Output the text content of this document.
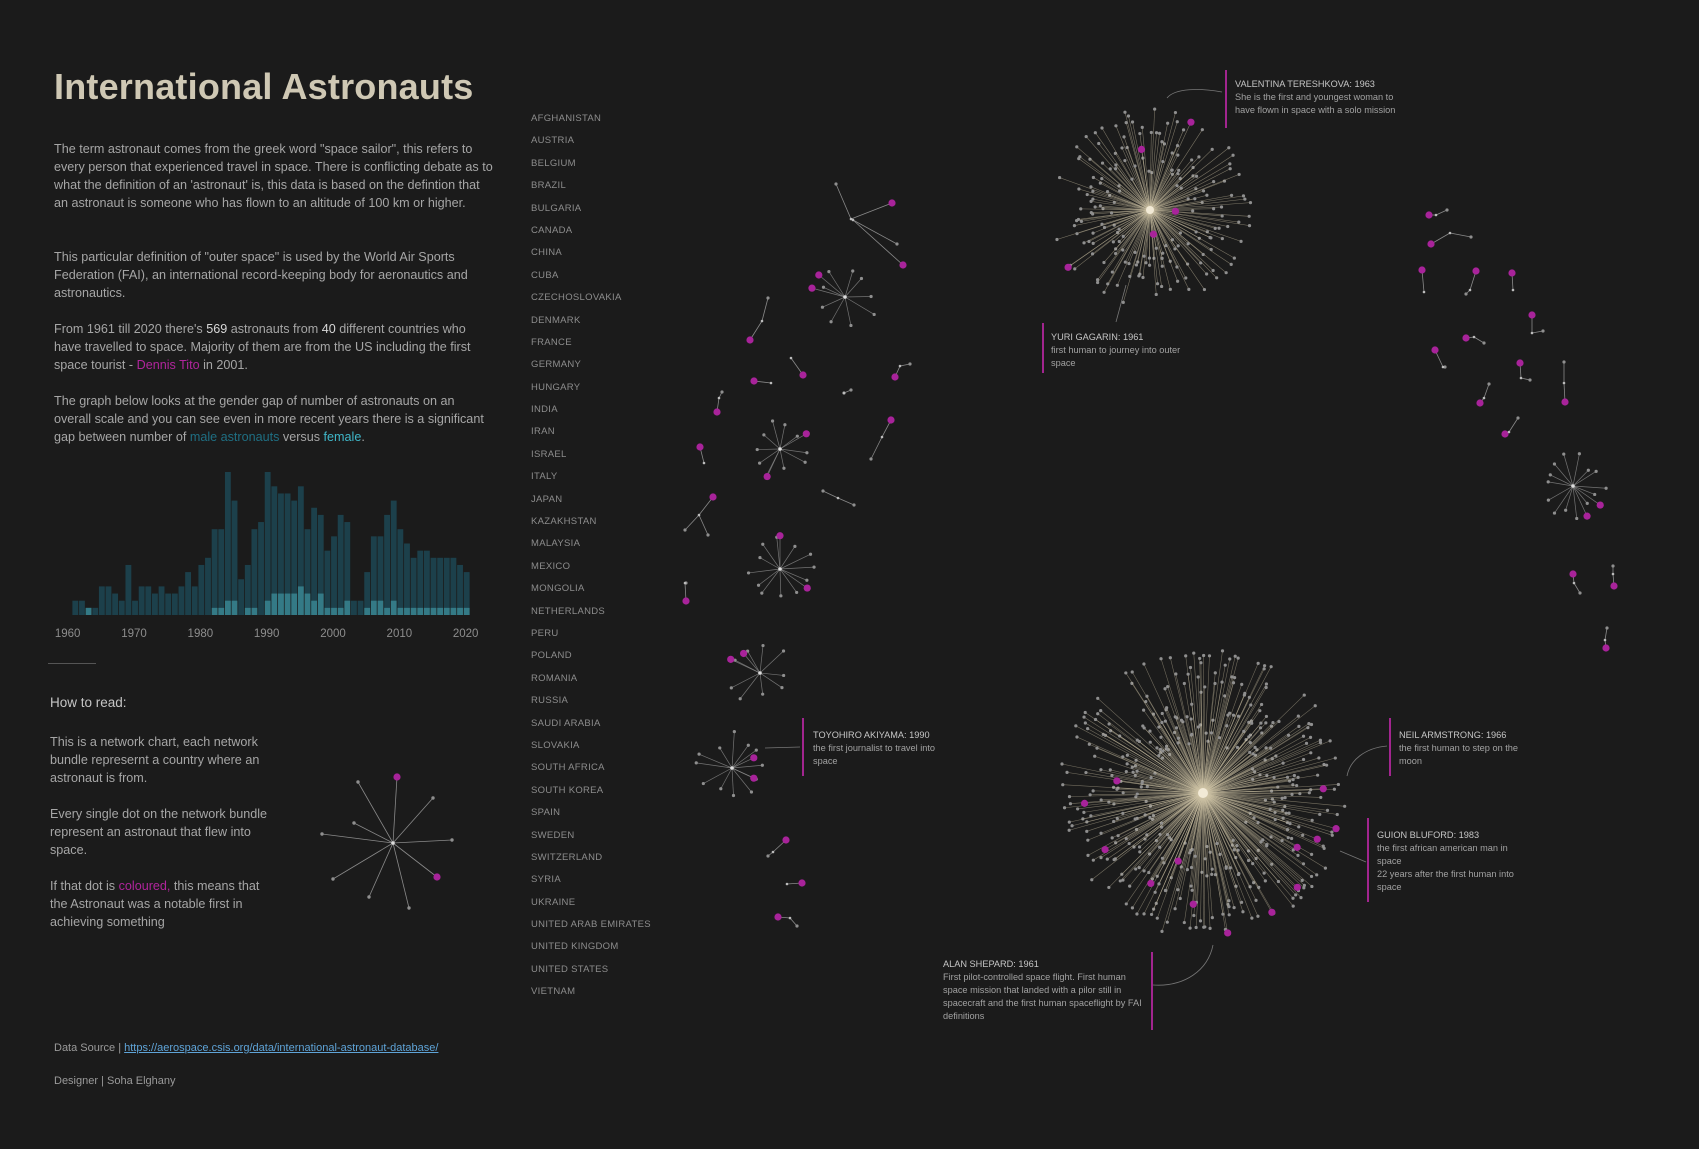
1960	1970	1980	1990	2000	2010	2020
International Astronauts

The term astronaut comes from the greek word "space sailor", this refers to every person that experienced travel in space. There is conflicting debate as to what the definition of an 'astronaut' is, this data is based on the defintion that an astronaut is someone who has flown to an altitude of 100 km or higher.

This particular definition of "outer space" is used by the World Air Sports Federation (FAI), an international record-keeping body for aeronautics and astronautics.

From 1961 till 2020 there's 569 astronauts from 40 different countries who have travelled to space. Majority of them are from the US including the first space tourist - Dennis Tito in 2001.

The graph below looks at the gender gap of number of astronauts on an overall scale and you can see even in more recent years there is a significant gap between number of male astronauts versus female.

How to read:

This is a network chart, each network bundle represernt a country where an astronaut is from.

Every single dot on the network bundle represent an astronaut that flew into space.

If that dot is coloured, this means that the Astronaut was a notable first in achieving something

Data Source | https://aerospace.csis.org/data/international-astronaut-database/
Designer | Soha Elghany
AFGHANISTAN
AUSTRIA
BELGIUM
BRAZIL
BULGARIA
CANADA
CHINA
CUBA
CZECHOSLOVAKIA
DENMARK
FRANCE
GERMANY
HUNGARY
INDIA
IRAN
ISRAEL
ITALY
JAPAN
KAZAKHSTAN
MALAYSIA
MEXICO
MONGOLIA
NETHERLANDS
PERU
POLAND
ROMANIA
RUSSIA
SAUDI ARABIA
SLOVAKIA
SOUTH AFRICA
SOUTH KOREA
SPAIN
SWEDEN
SWITZERLAND
SYRIA
UKRAINE
UNITED ARAB EMIRATES
UNITED KINGDOM
UNITED STATES
VIETNAM
VALENTINA TERESHKOVA: 1963
She is the first and youngest woman to have flown in space with a solo mission
YURI GAGARIN: 1961
first human to journey into outer space
TOYOHIRO AKIYAMA: 1990
the first journalist to travel into space
NEIL ARMSTRONG: 1966
the first human to step on the moon
GUION BLUFORD: 1983
the first african american man in space
22 years after the first human into space
ALAN SHEPARD: 1961
First pilot-controlled space flight. First human space mission that landed with a pilor still in spacecraft and the first human spaceflight by FAI definitions
